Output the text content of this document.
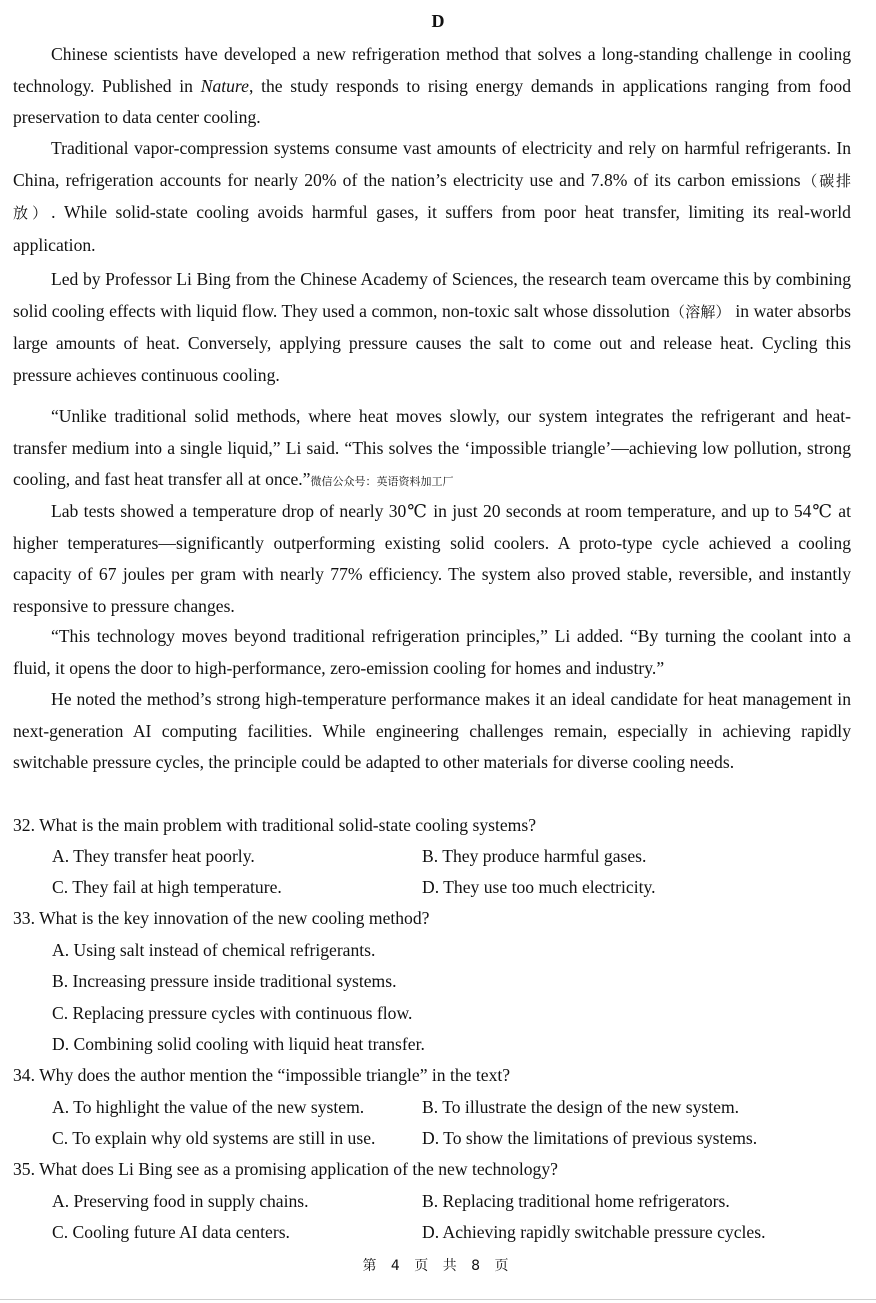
D

Chinese scientists have developed a new refrigeration method that solves a long-standing challenge in cooling technology. Published in Nature, the study responds to rising energy demands in applications ranging from food preservation to data center cooling.

Traditional vapor-compression systems consume vast amounts of electricity and rely on harmful refrigerants. In China, refrigeration accounts for nearly 20% of the nation’s electricity use and 7.8% of its carbon emissions（碳排放）. While solid-state cooling avoids harmful gases, it suffers from poor heat transfer, limiting its real-world application.

Led by Professor Li Bing from the Chinese Academy of Sciences, the research team overcame this by combining solid cooling effects with liquid flow. They used a common, non-toxic salt whose dissolution（溶解） in water absorbs large amounts of heat. Conversely, applying pressure causes the salt to come out and release heat. Cycling this pressure achieves continuous cooling.

“Unlike traditional solid methods, where heat moves slowly, our system integrates the refrigerant and heat-transfer medium into a single liquid,” Li said. “This solves the ‘impossible triangle’—achieving low pollution, strong cooling, and fast heat transfer all at once.”微信公众号：英语资料加工厂

Lab tests showed a temperature drop of nearly 30℃ in just 20 seconds at room temperature, and up to 54℃ at higher temperatures—significantly outperforming existing solid coolers. A proto-type cycle achieved a cooling capacity of 67 joules per gram with nearly 77% efficiency. The system also proved stable, reversible, and instantly responsive to pressure changes.

“This technology moves beyond traditional refrigeration principles,” Li added. “By turning the coolant into a fluid, it opens the door to high-performance, zero-emission cooling for homes and industry.”

He noted the method’s strong high-temperature performance makes it an ideal candidate for heat management in next-generation AI computing facilities. While engineering challenges remain, especially in achieving rapidly switchable pressure cycles, the principle could be adapted to other materials for diverse cooling needs.

32. What is the main problem with traditional solid-state cooling systems?
A. They transfer heat poorly.	B. They produce harmful gases.
C. They fail at high temperature.	D. They use too much electricity.
33. What is the key innovation of the new cooling method?
A. Using salt instead of chemical refrigerants.
B. Increasing pressure inside traditional systems.
C. Replacing pressure cycles with continuous flow.
D. Combining solid cooling with liquid heat transfer.
34. Why does the author mention the “impossible triangle” in the text?
A. To highlight the value of the new system.	B. To illustrate the design of the new system.
C. To explain why old systems are still in use.	D. To show the limitations of previous systems.
35. What does Li Bing see as a promising application of the new technology?
A. Preserving food in supply chains.	B. Replacing traditional home refrigerators.
C. Cooling future AI data centers.	D. Achieving rapidly switchable pressure cycles.
第 4 页 共 8 页
